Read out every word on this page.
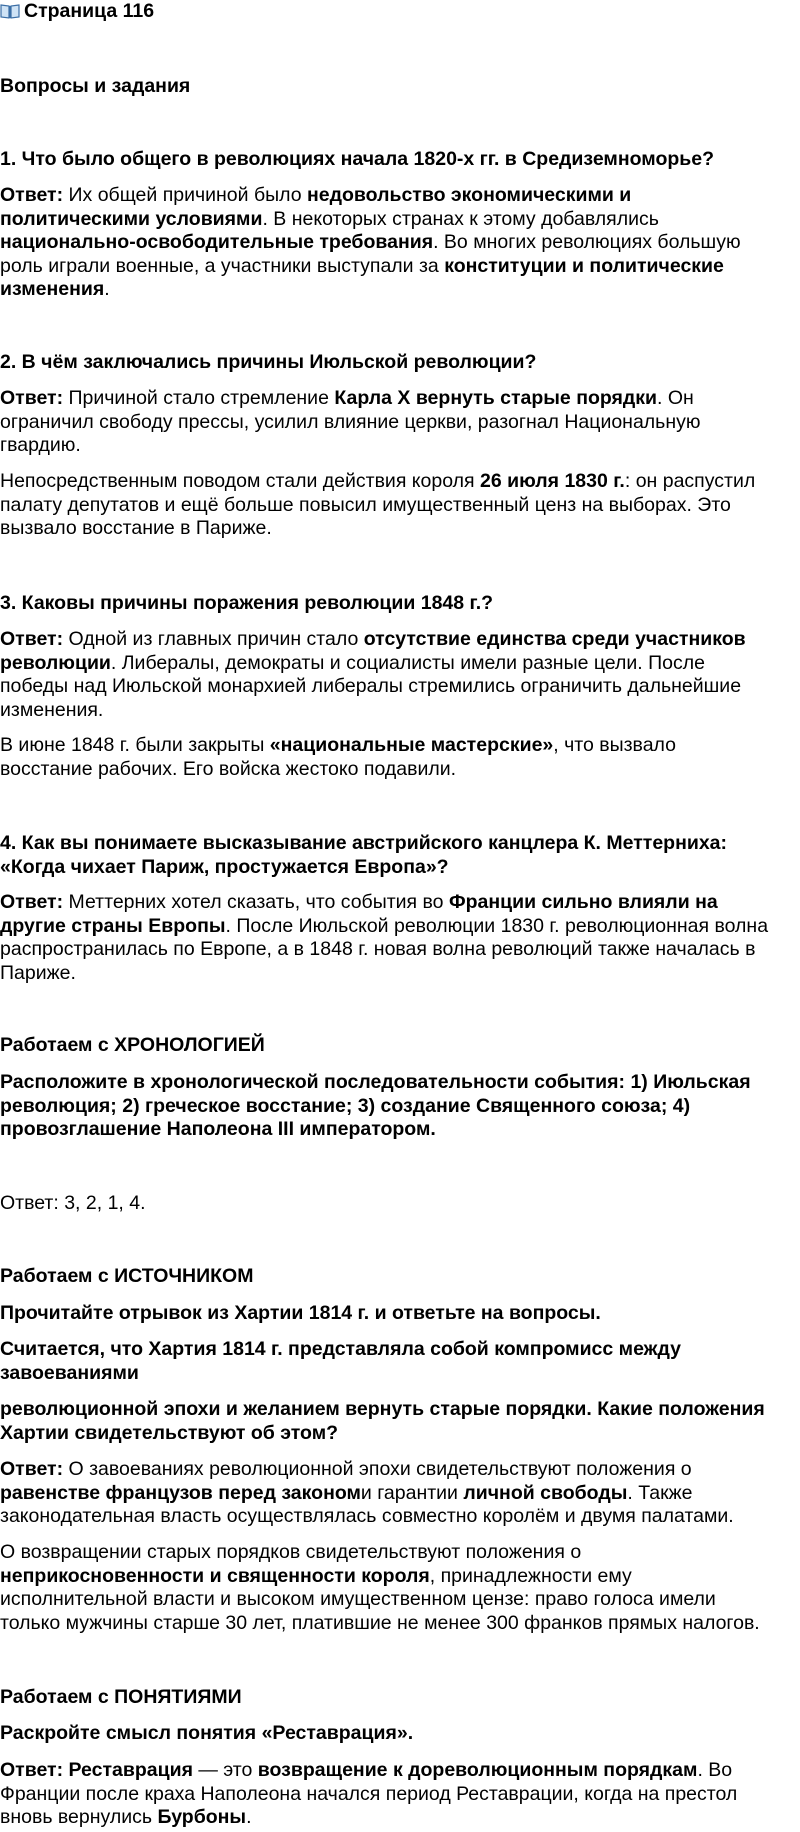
Страница 116
Вопросы и задания
1. Что было общего в революциях начала 1820-х гг. в Средиземноморье?
Ответ: Их общей причиной было недовольство экономическими и
политическими условиями. В некоторых странах к этому добавлялись
национально-освободительные требования. Во многих революциях большую
роль играли военные, а участники выступали за конституции и политические
изменения.
2. В чём заключались причины Июльской революции?
Ответ: Причиной стало стремление Карла X вернуть старые порядки. Он
ограничил свободу прессы, усилил влияние церкви, разогнал Национальную
гвардию.
Непосредственным поводом стали действия короля 26 июля 1830 г.: он распустил
палату депутатов и ещё больше повысил имущественный ценз на выборах. Это
вызвало восстание в Париже.
3. Каковы причины поражения революции 1848 г.?
Ответ: Одной из главных причин стало отсутствие единства среди участников
революции. Либералы, демократы и социалисты имели разные цели. После
победы над Июльской монархией либералы стремились ограничить дальнейшие
изменения.
В июне 1848 г. были закрыты «национальные мастерские», что вызвало
восстание рабочих. Его войска жестоко подавили.
4. Как вы понимаете высказывание австрийского канцлера К. Меттерниха:
«Когда чихает Париж, простужается Европа»?
Ответ: Меттерних хотел сказать, что события во Франции сильно влияли на
другие страны Европы. После Июльской революции 1830 г. революционная волна
распространилась по Европе, а в 1848 г. новая волна революций также началась в
Париже.
Работаем с ХРОНОЛОГИЕЙ
Расположите в хронологической последовательности события: 1) Июльская
революция; 2) греческое восстание; 3) создание Священного союза; 4)
провозглашение Наполеона III императором.
Ответ: 3, 2, 1, 4.
Работаем с ИСТОЧНИКОМ
Прочитайте отрывок из Хартии 1814 г. и ответьте на вопросы.
Считается, что Хартия 1814 г. представляла собой компромисс между
завоеваниями
революционной эпохи и желанием вернуть старые порядки. Какие положения
Хартии свидетельствуют об этом?
Ответ: О завоеваниях революционной эпохи свидетельствуют положения о
равенстве французов перед закономи гарантии личной свободы. Также
законодательная власть осуществлялась совместно королём и двумя палатами.
О возвращении старых порядков свидетельствуют положения о
неприкосновенности и священности короля, принадлежности ему
исполнительной власти и высоком имущественном цензе: право голоса имели
только мужчины старше 30 лет, платившие не менее 300 франков прямых налогов.
Работаем с ПОНЯТИЯМИ
Раскройте смысл понятия «Реставрация».
Ответ: Реставрация — это возвращение к дореволюционным порядкам. Во
Франции после краха Наполеона начался период Реставрации, когда на престол
вновь вернулись Бурбоны.
